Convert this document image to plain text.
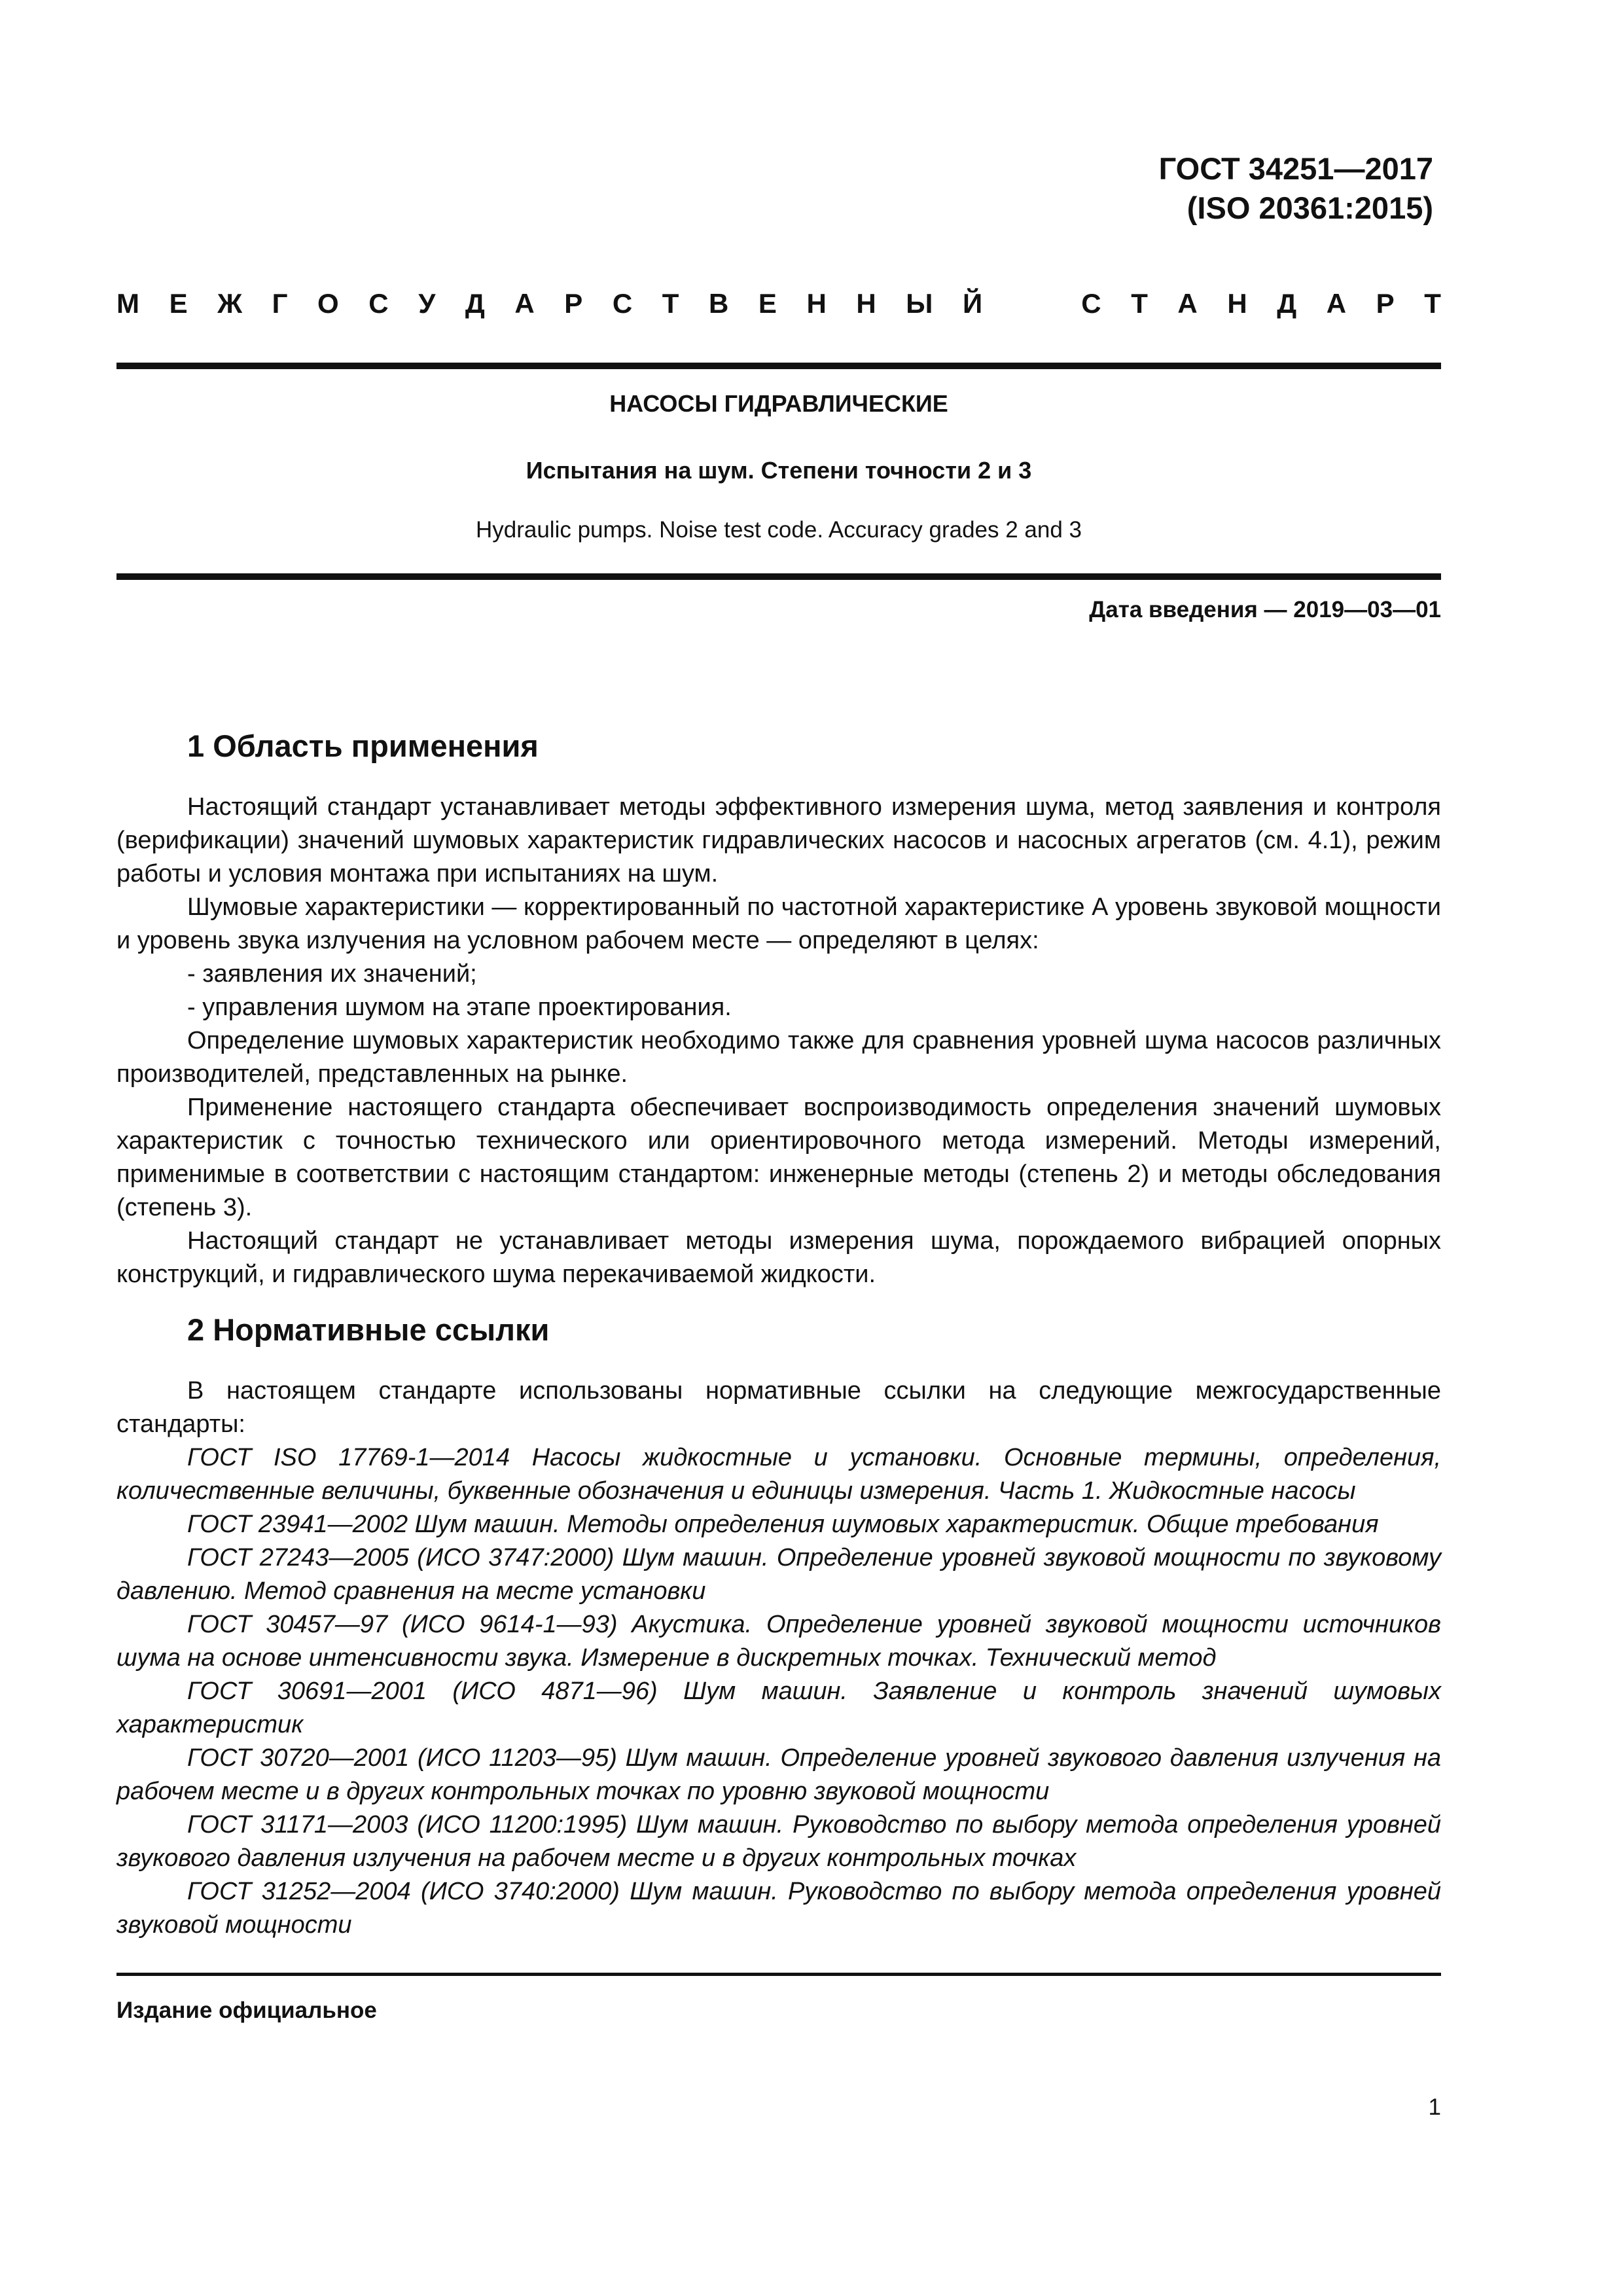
ГОСТ 34251—2017
(ISO 20361:2015)
М Е Ж Г О С У Д А Р С Т В Е Н Н Ы Й	С Т А Н Д А Р Т
НАСОСЫ ГИДРАВЛИЧЕСКИЕ
Испытания на шум. Степени точности 2 и 3
Hydraulic pumps. Noise test code. Accuracy grades 2 and 3
Дата введения — 2019—03—01
1 Область применения

Настоящий стандарт устанавливает методы эффективного измерения шума, метод заявления и контроля (верификации) значений шумовых характеристик гидравлических насосов и насосных агрегатов (см. 4.1), режим работы и условия монтажа при испытаниях на шум.

Шумовые характеристики — корректированный по частотной характеристике А уровень звуковой мощности и уровень звука излучения на условном рабочем месте — определяют в целях:

- заявления их значений;

- управления шумом на этапе проектирования.

Определение шумовых характеристик необходимо также для сравнения уровней шума насосов различных производителей, представленных на рынке.

Применение настоящего стандарта обеспечивает воспроизводимость определения значений шумовых характеристик с точностью технического или ориентировочного метода измерений. Методы измерений, применимые в соответствии с настоящим стандартом: инженерные методы (степень 2) и методы обследования (степень 3).

Настоящий стандарт не устанавливает методы измерения шума, порождаемого вибрацией опорных конструкций, и гидравлического шума перекачиваемой жидкости.

2 Нормативные ссылки

В настоящем стандарте использованы нормативные ссылки на следующие межгосударственные стандарты:

ГОСТ ISO 17769-1—2014 Насосы жидкостные и установки. Основные термины, определения, количественные величины, буквенные обозначения и единицы измерения. Часть 1. Жидкостные насосы

ГОСТ 23941—2002 Шум машин. Методы определения шумовых характеристик. Общие требования

ГОСТ 27243—2005 (ИСО 3747:2000) Шум машин. Определение уровней звуковой мощности по звуковому давлению. Метод сравнения на месте установки

ГОСТ 30457—97 (ИСО 9614-1—93) Акустика. Определение уровней звуковой мощности источников шума на основе интенсивности звука. Измерение в дискретных точках. Технический метод

ГОСТ 30691—2001 (ИСО 4871—96) Шум машин. Заявление и контроль значений шумовых характеристик

ГОСТ 30720—2001 (ИСО 11203—95) Шум машин. Определение уровней звукового давления излучения на рабочем месте и в других контрольных точках по уровню звуковой мощности

ГОСТ 31171—2003 (ИСО 11200:1995) Шум машин. Руководство по выбору метода определения уровней звукового давления излучения на рабочем месте и в других контрольных точках

ГОСТ 31252—2004 (ИСО 3740:2000) Шум машин. Руководство по выбору метода определения уровней звуковой мощности

Издание официальное
1
